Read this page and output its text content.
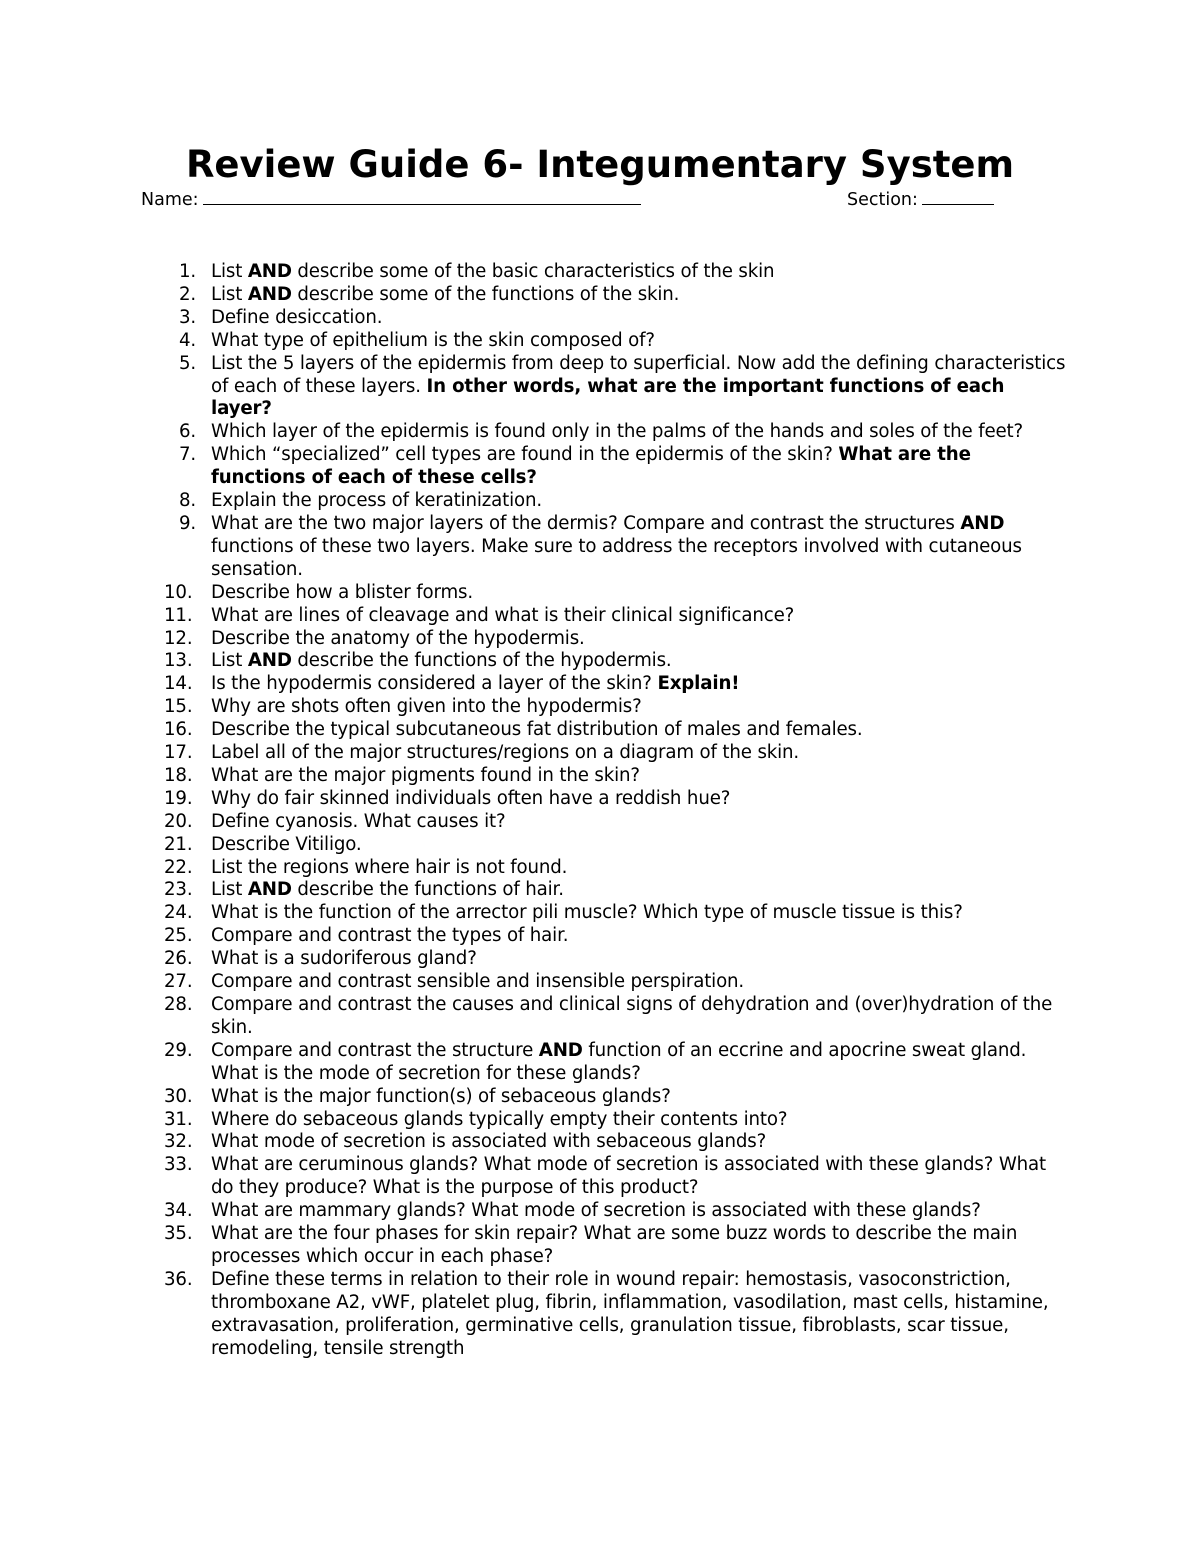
Review Guide 6- Integumentary System
Name:	Section:
1. List AND describe some of the basic characteristics of the skin
2. List AND describe some of the functions of the skin.
3. Define desiccation.
4. What type of epithelium is the skin composed of?
5. List the 5 layers of the epidermis from deep to superficial. Now add the defining characteristics of each of these layers. In other words, what are the important functions of each layer?
6. Which layer of the epidermis is found only in the palms of the hands and soles of the feet?
7. Which “specialized” cell types are found in the epidermis of the skin? What are the functions of each of these cells?
8. Explain the process of keratinization.
9. What are the two major layers of the dermis? Compare and contrast the structures AND functions of these two layers. Make sure to address the receptors involved with cutaneous sensation.
10.	Describe how a blister forms.
11.	What are lines of cleavage and what is their clinical significance?
12.	Describe the anatomy of the hypodermis.
13.	List AND describe the functions of the hypodermis.
14.	Is the hypodermis considered a layer of the skin? Explain!
15.	Why are shots often given into the hypodermis?
16.	Describe the typical subcutaneous fat distribution of males and females.
17.	Label all of the major structures/regions on a diagram of the skin.
18.	What are the major pigments found in the skin?
19.	Why do fair skinned individuals often have a reddish hue?
20.	Define cyanosis. What causes it?
21.	Describe Vitiligo.
22.	List the regions where hair is not found.
23.	List AND describe the functions of hair.
24.	What is the function of the arrector pili muscle? Which type of muscle tissue is this?
25.	Compare and contrast the types of hair.
26.	What is a sudoriferous gland?
27.	Compare and contrast sensible and insensible perspiration.
28.	Compare and contrast the causes and clinical signs of dehydration and (over)hydration of the skin.
29.	Compare and contrast the structure AND function of an eccrine and apocrine sweat gland. What is the mode of secretion for these glands?
30.	What is the major function(s) of sebaceous glands?
31.	Where do sebaceous glands typically empty their contents into?
32.	What mode of secretion is associated with sebaceous glands?
33.	What are ceruminous glands? What mode of secretion is associated with these glands? What do they produce? What is the purpose of this product?
34.	What are mammary glands? What mode of secretion is associated with these glands?
35.	What are the four phases for skin repair? What are some buzz words to describe the main processes which occur in each phase?
36.	Define these terms in relation to their role in wound repair: hemostasis, vasoconstriction, thromboxane A2, vWF, platelet plug, fibrin, inflammation, vasodilation, mast cells, histamine, extravasation, proliferation, germinative cells, granulation tissue, fibroblasts, scar tissue, remodeling, tensile strength
